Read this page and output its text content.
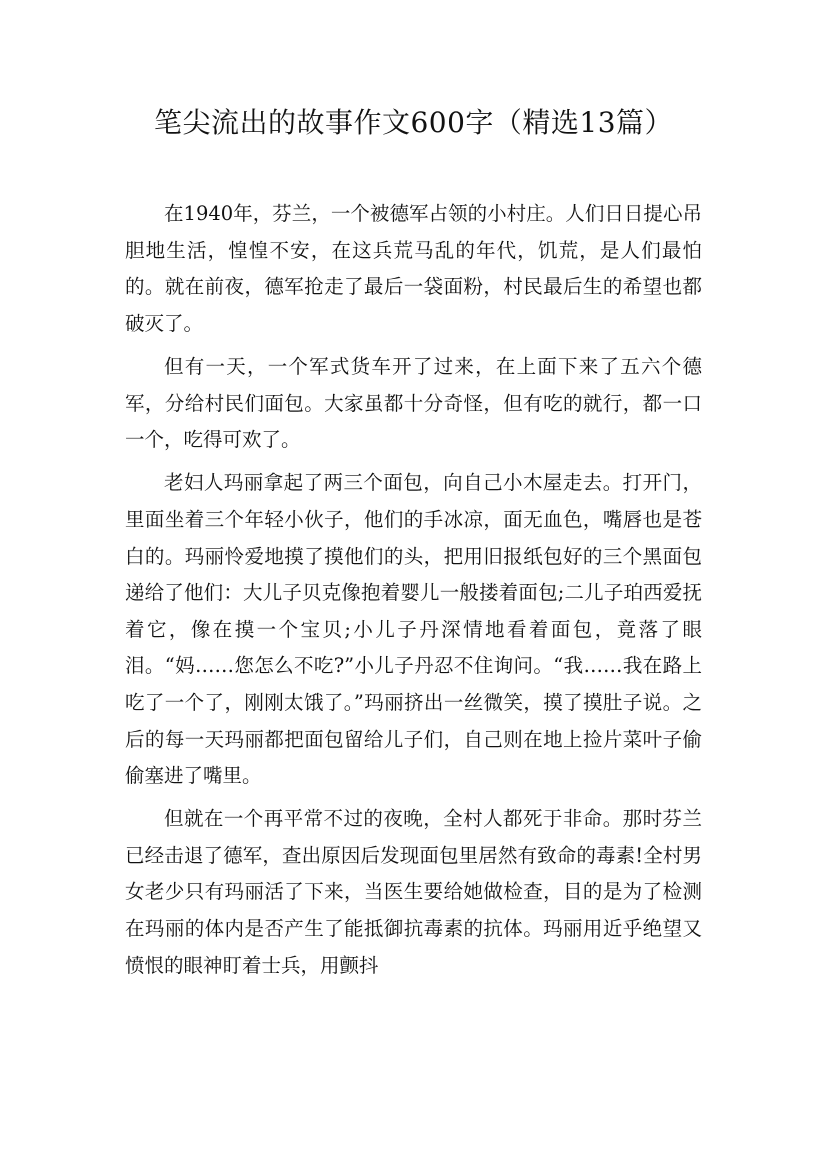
笔尖流出的故事作文600字（精选13篇）

在1940年，芬兰，一个被德军占领的小村庄。人们日日提心吊胆地生活，惶惶不安，在这兵荒马乱的年代，饥荒，是人们最怕的。就在前夜，德军抢走了最后一袋面粉，村民最后生的希望也都破灭了。

但有一天，一个军式货车开了过来，在上面下来了五六个德军，分给村民们面包。大家虽都十分奇怪，但有吃的就行，都一口一个，吃得可欢了。

老妇人玛丽拿起了两三个面包，向自己小木屋走去。打开门，里面坐着三个年轻小伙子，他们的手冰凉，面无血色，嘴唇也是苍白的。玛丽怜爱地摸了摸他们的头，把用旧报纸包好的三个黑面包递给了他们：大儿子贝克像抱着婴儿一般搂着面包;二儿子珀西爱抚着它，像在摸一个宝贝;小儿子丹深情地看着面包，竟落了眼泪。“妈……您怎么不吃?”小儿子丹忍不住询问。“我……我在路上吃了一个了，刚刚太饿了。”玛丽挤出一丝微笑，摸了摸肚子说。之后的每一天玛丽都把面包留给儿子们，自己则在地上捡片菜叶子偷偷塞进了嘴里。

但就在一个再平常不过的夜晚，全村人都死于非命。那时芬兰已经击退了德军，查出原因后发现面包里居然有致命的毒素!全村男女老少只有玛丽活了下来，当医生要给她做检查，目的是为了检测在玛丽的体内是否产生了能抵御抗毒素的抗体。玛丽用近乎绝望又愤恨的眼神盯着士兵，用颤抖
